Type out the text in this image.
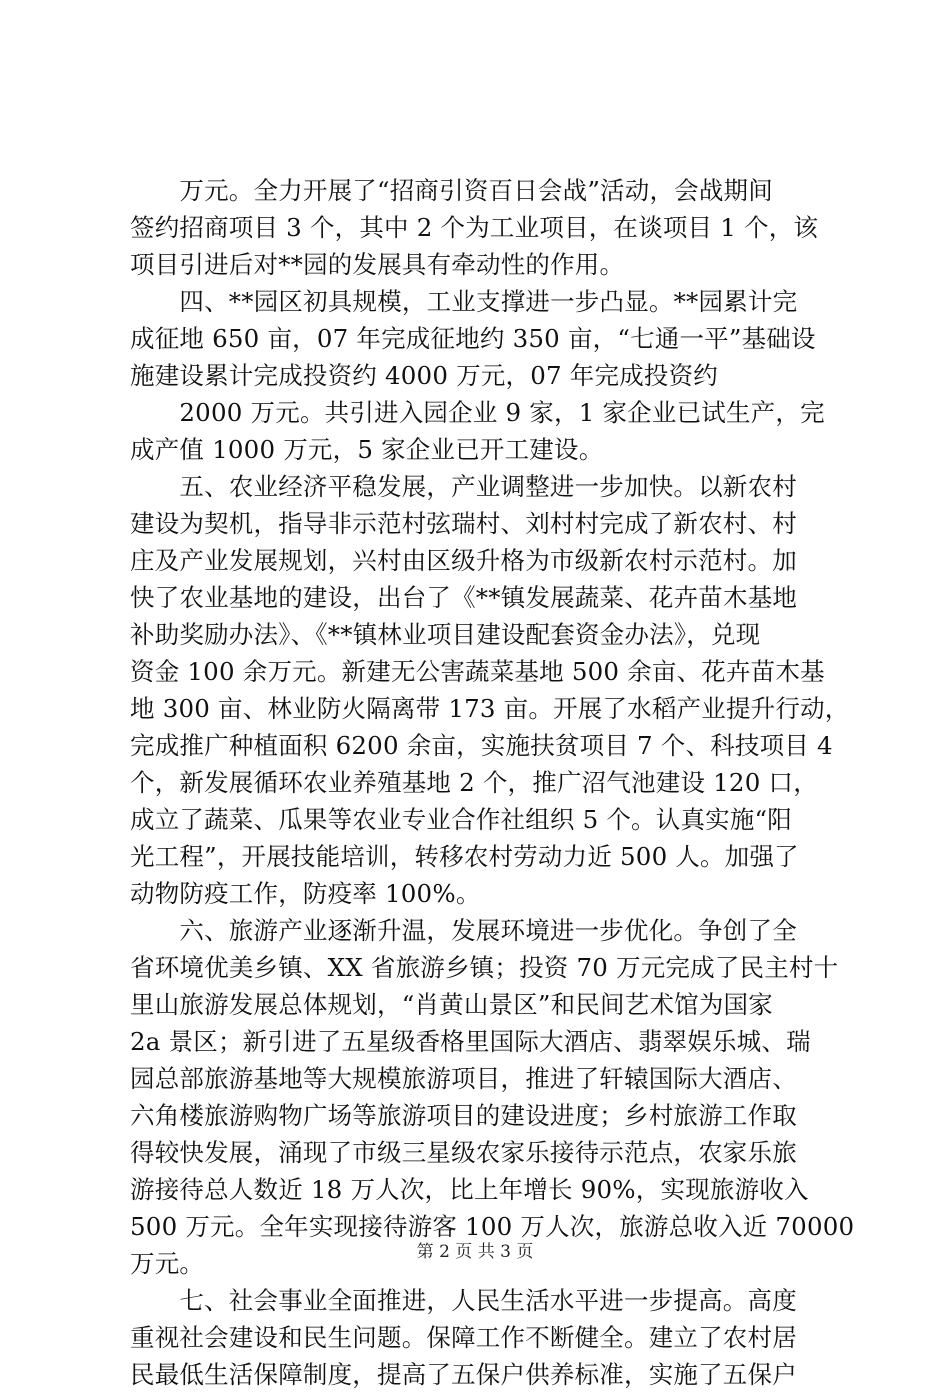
　　万元。全力开展了“招商引资百日会战”活动，会战期间
签约招商项目 3 个，其中 2 个为工业项目，在谈项目 1 个，该
项目引进后对**园的发展具有牵动性的作用。
　　四、**园区初具规模，工业支撑进一步凸显。**园累计完
成征地 650 亩，07 年完成征地约 350 亩，“七通一平”基础设
施建设累计完成投资约 4000 万元，07 年完成投资约
　　2000 万元。共引进入园企业 9 家，1 家企业已试生产，完
成产值 1000 万元，5 家企业已开工建设。
　　五、农业经济平稳发展，产业调整进一步加快。以新农村
建设为契机，指导非示范村弦瑞村、刘村村完成了新农村、村
庄及产业发展规划，兴村由区级升格为市级新农村示范村。加
快了农业基地的建设，出台了《**镇发展蔬菜、花卉苗木基地
补助奖励办法》、《**镇林业项目建设配套资金办法》，兑现
资金 100 余万元。新建无公害蔬菜基地 500 余亩、花卉苗木基
地 300 亩、林业防火隔离带 173 亩。开展了水稻产业提升行动，
完成推广种植面积 6200 余亩，实施扶贫项目 7 个、科技项目 4
个，新发展循环农业养殖基地 2 个，推广沼气池建设 120 口，
成立了蔬菜、瓜果等农业专业合作社组织 5 个。认真实施“阳
光工程”，开展技能培训，转移农村劳动力近 500 人。加强了
动物防疫工作，防疫率 100%。
　　六、旅游产业逐渐升温，发展环境进一步优化。争创了全
省环境优美乡镇、XX 省旅游乡镇；投资 70 万元完成了民主村十
里山旅游发展总体规划，“肖黄山景区”和民间艺术馆为国家
2a 景区；新引进了五星级香格里国际大酒店、翡翠娱乐城、瑞
园总部旅游基地等大规模旅游项目，推进了轩辕国际大酒店、
六角楼旅游购物广场等旅游项目的建设进度；乡村旅游工作取
得较快发展，涌现了市级三星级农家乐接待示范点，农家乐旅
游接待总人数近 18 万人次，比上年增长 90%，实现旅游收入
500 万元。全年实现接待游客 100 万人次，旅游总收入近 70000
万元。
　　七、社会事业全面推进，人民生活水平进一步提高。高度
重视社会建设和民生问题。保障工作不断健全。建立了农村居
民最低生活保障制度，提高了五保户供养标准，实施了五保户
第 2 页 共 3 页
